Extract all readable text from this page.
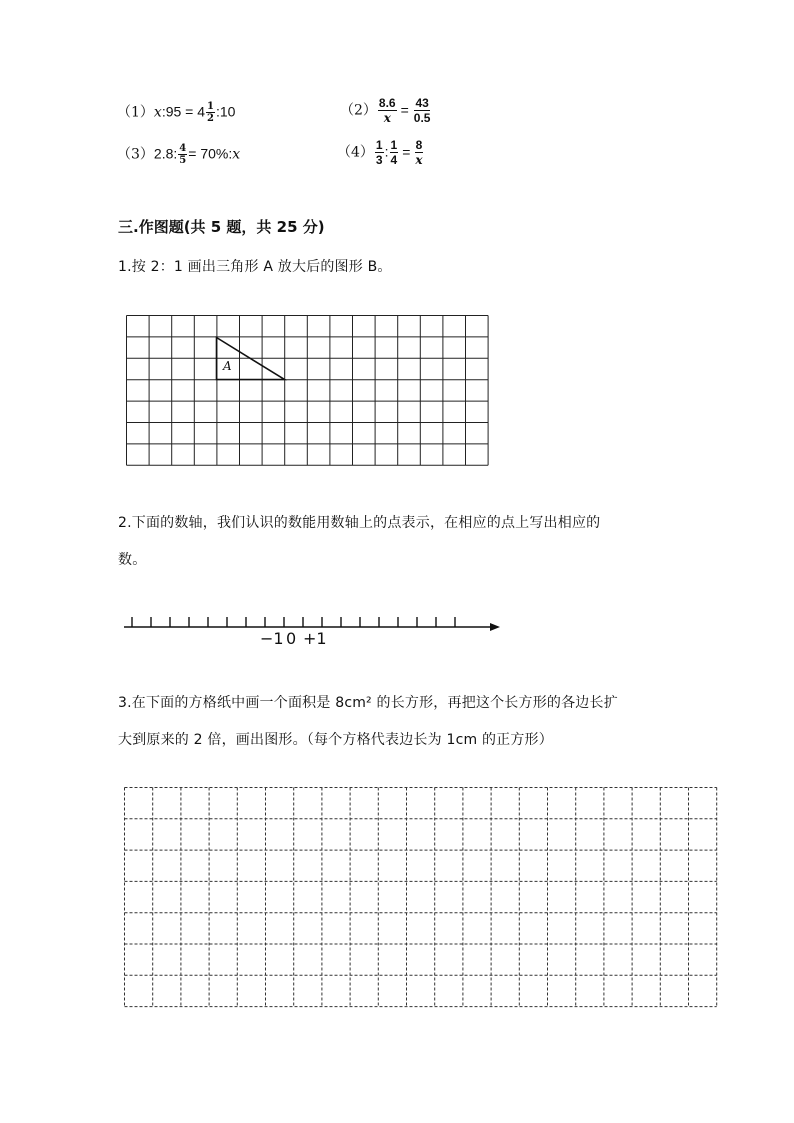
（1）x:95 = $4 \frac{1}{2}$ :10	$(2) \frac{8.6}{x} = \frac{43}{0.5}$
（3）2.8: $\frac{4}{5}$ = 70%:x	$(4) \frac{1}{3}$ : $\frac{1}{4} = \frac{8}{x}$
三.作图题(共 5 题，共 25 分)
1.按 2：1 画出三角形 A 放大后的图形 B。
A
2.下面的数轴，我们认识的数能用数轴上的点表示，在相应的点上写出相应的
数。
−1 0 +1
3.在下面的方格纸中画一个面积是 8cm² 的长方形，再把这个长方形的各边长扩
大到原来的 2 倍，画出图形。（每个方格代表边长为 1cm 的正方形）
